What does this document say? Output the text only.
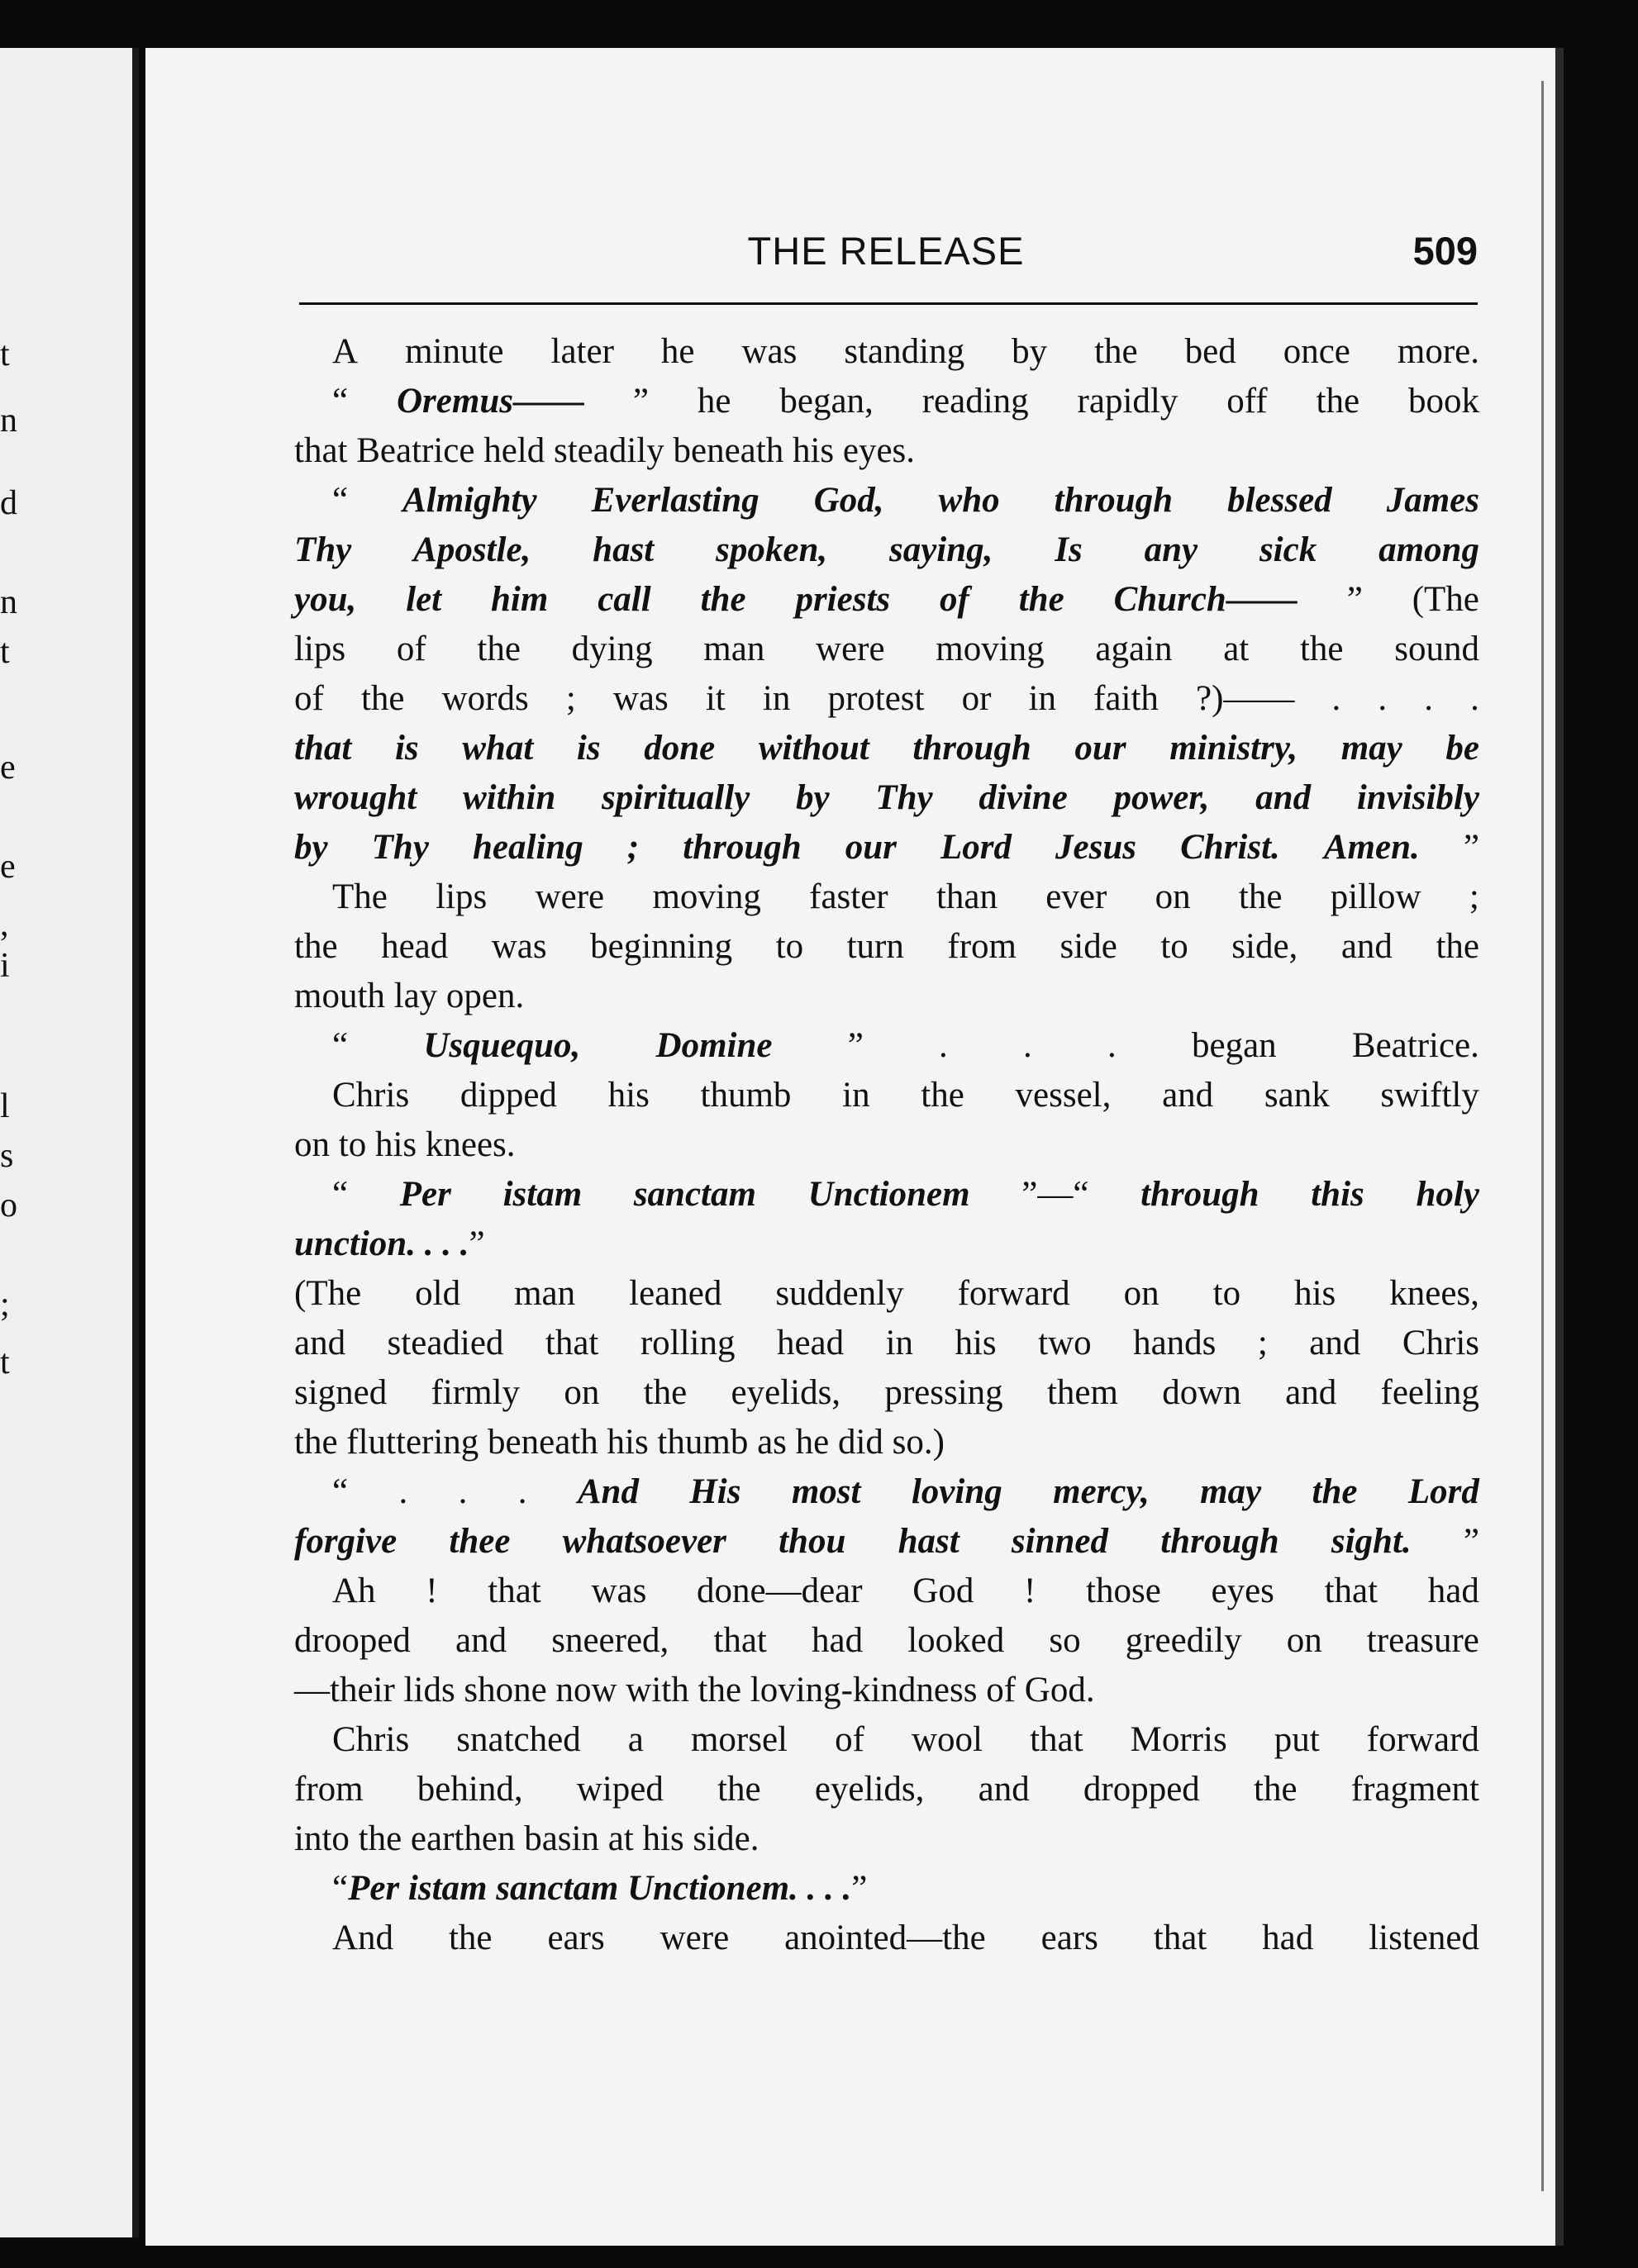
t
n
d
n
t
e
e
,
i
l
s
o
;
t
THE RELEASE	509
A minute later he was standing by the bed once more.
“ Oremus—— ” he began, reading rapidly off the book
that Beatrice held steadily beneath his eyes.
“ Almighty Everlasting God, who through blessed James
Thy Apostle, hast spoken, saying, Is any sick among
you, let him call the priests of the Church—— ” (The
lips of the dying man were moving again at the sound
of the words ; was it in protest or in faith ?)—— . . . .
that is what is done without through our ministry, may be
wrought within spiritually by Thy divine power, and invisibly
by Thy healing ; through our Lord Jesus Christ. Amen. ”
The lips were moving faster than ever on the pillow ;
the head was beginning to turn from side to side, and the
mouth lay open.
“ Usquequo, Domine ” . . . began Beatrice.
Chris dipped his thumb in the vessel, and sank swiftly
on to his knees.
“ Per istam sanctam Unctionem ”—“ through this holy
unction. . . . ”
(The old man leaned suddenly forward on to his knees,
and steadied that rolling head in his two hands ; and Chris
signed firmly on the eyelids, pressing them down and feeling
the fluttering beneath his thumb as he did so.)
“ . . . And His most loving mercy, may the Lord
forgive thee whatsoever thou hast sinned through sight. ”
Ah ! that was done—dear God ! those eyes that had
drooped and sneered, that had looked so greedily on treasure
—their lids shone now with the loving-kindness of God.
Chris snatched a morsel of wool that Morris put forward
from behind, wiped the eyelids, and dropped the fragment
into the earthen basin at his side.
“ Per istam sanctam Unctionem. . . . ”
And the ears were anointed—the ears that had listened
